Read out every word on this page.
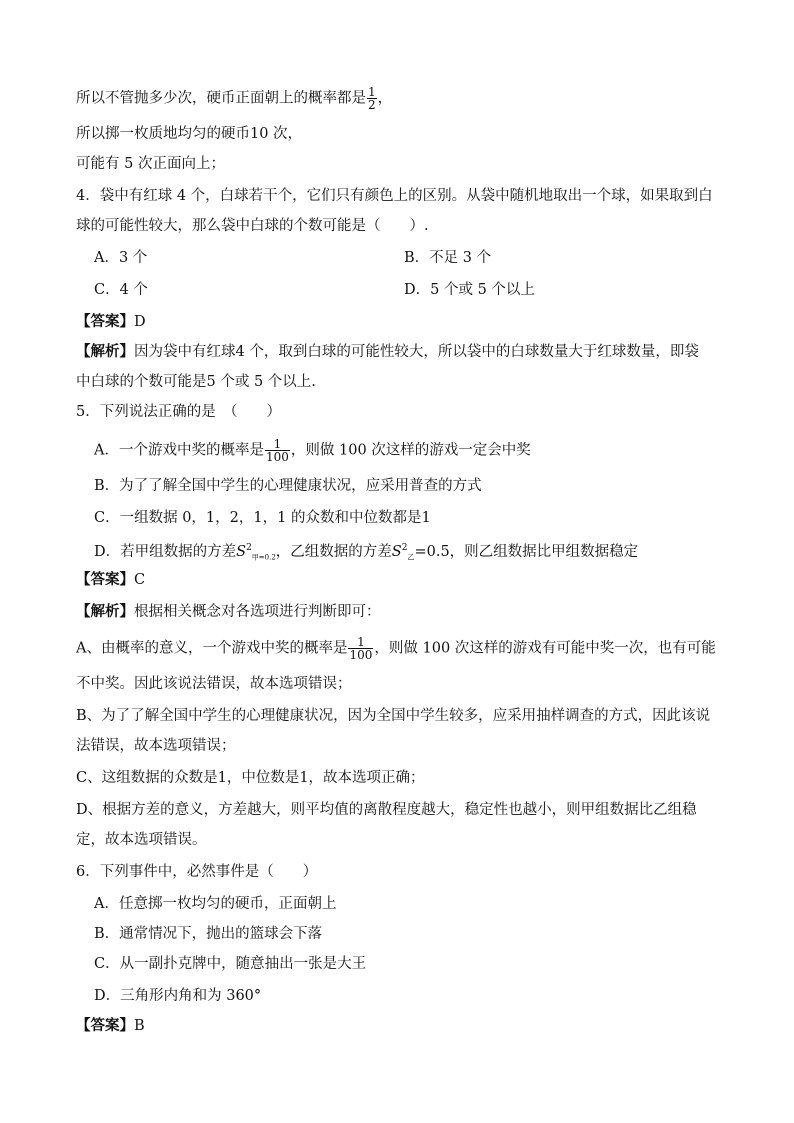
所以不管抛多少次，硬币正面朝上的概率都是 $\frac{1}{2}$ ，
所以掷一枚质地均匀的硬币10 次，
可能有 5 次正面向上；
4．袋中有红球 4 个，白球若干个，它们只有颜色上的区别。从袋中随机地取出一个球，如果取到白
球的可能性较大，那么袋中白球的个数可能是（　　）.
A．3 个	B．不足 3 个
C．4 个	D．5 个或 5 个以上
【答案】D
【解析】因为袋中有红球4 个，取到白球的可能性较大，所以袋中的白球数量大于红球数量，即袋
中白球的个数可能是5 个或 5 个以上.
5．下列说法正确的是　（　　）
A．一个游戏中奖的概率是 $\frac{1}{100}$ ，则做 100 次这样的游戏一定会中奖
B．为了了解全国中学生的心理健康状况，应采用普查的方式
C．一组数据 0，1，2，1，1 的众数和中位数都是1
D．若甲组数据的方差$S^2_{甲=0.2}$，乙组数据的方差$S^2_乙=0.5$，则乙组数据比甲组数据稳定
【答案】C
【解析】根据相关概念对各选项进行判断即可：
A、由概率的意义，一个游戏中奖的概率是 $\frac{1}{100}$ ，则做 100 次这样的游戏有可能中奖一次，也有可能
不中奖。因此该说法错误，故本选项错误；
B、为了了解全国中学生的心理健康状况，因为全国中学生较多，应采用抽样调查的方式，因此该说
法错误，故本选项错误；
C、这组数据的众数是1，中位数是1，故本选项正确；
D、根据方差的意义，方差越大，则平均值的离散程度越大，稳定性也越小，则甲组数据比乙组稳
定，故本选项错误。
6．下列事件中，必然事件是（　　）
A．任意掷一枚均匀的硬币，正面朝上
B．通常情况下，抛出的篮球会下落
C．从一副扑克牌中，随意抽出一张是大王
D．三角形内角和为 360°
【答案】B
